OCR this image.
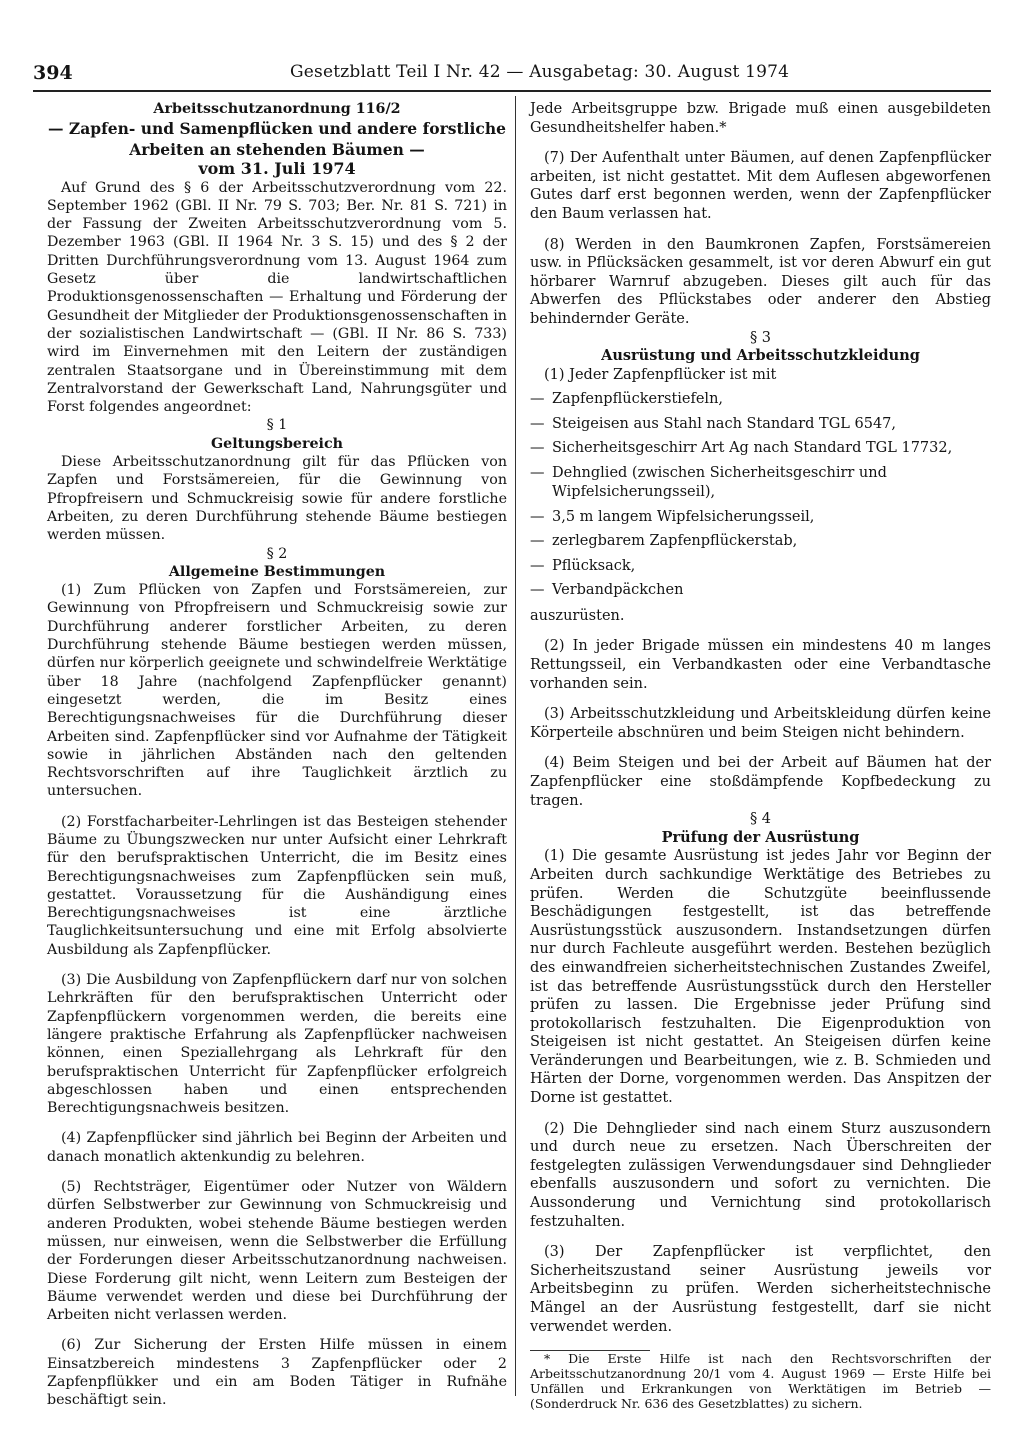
394	Gesetzblatt Teil I Nr. 42 — Ausgabetag: 30. August 1974

Arbeitsschutzanordnung 116/2

— Zapfen- und Samenpflücken und andere forstliche Arbeiten an stehenden Bäumen —

vom 31. Juli 1974

Auf Grund des § 6 der Arbeitsschutzverordnung vom 22. September 1962 (GBl. II Nr. 79 S. 703; Ber. Nr. 81 S. 721) in der Fassung der Zweiten Arbeitsschutzverordnung vom 5. Dezember 1963 (GBl. II 1964 Nr. 3 S. 15) und des § 2 der Dritten Durchführungsverordnung vom 13. August 1964 zum Gesetz über die landwirtschaftlichen Produktionsgenossenschaften — Erhaltung und Förderung der Gesundheit der Mitglieder der Produktionsgenossenschaften in der sozialistischen Landwirtschaft — (GBl. II Nr. 86 S. 733) wird im Einvernehmen mit den Leitern der zuständigen zentralen Staatsorgane und in Übereinstimmung mit dem Zentralvorstand der Gewerkschaft Land, Nahrungsgüter und Forst folgendes angeordnet:

§ 1

Geltungsbereich

Diese Arbeitsschutzanordnung gilt für das Pflücken von Zapfen und Forstsämereien, für die Gewinnung von Pfropfreisern und Schmuckreisig sowie für andere forstliche Arbeiten, zu deren Durchführung stehende Bäume bestiegen werden müssen.

§ 2

Allgemeine Bestimmungen

(1) Zum Pflücken von Zapfen und Forstsämereien, zur Gewinnung von Pfropfreisern und Schmuckreisig sowie zur Durchführung anderer forstlicher Arbeiten, zu deren Durchführung stehende Bäume bestiegen werden müssen, dürfen nur körperlich geeignete und schwindelfreie Werktätige über 18 Jahre (nachfolgend Zapfenpflücker genannt) eingesetzt werden, die im Besitz eines Berechtigungsnachweises für die Durchführung dieser Arbeiten sind. Zapfenpflücker sind vor Aufnahme der Tätigkeit sowie in jährlichen Abständen nach den geltenden Rechtsvorschriften auf ihre Tauglichkeit ärztlich zu untersuchen.

(2) Forstfacharbeiter-Lehrlingen ist das Besteigen stehender Bäume zu Übungszwecken nur unter Aufsicht einer Lehrkraft für den berufspraktischen Unterricht, die im Besitz eines Berechtigungsnachweises zum Zapfenpflücken sein muß, gestattet. Voraussetzung für die Aushändigung eines Berechtigungsnachweises ist eine ärztliche Tauglichkeitsuntersuchung und eine mit Erfolg absolvierte Ausbildung als Zapfenpflücker.

(3) Die Ausbildung von Zapfenpflückern darf nur von solchen Lehrkräften für den berufspraktischen Unterricht oder Zapfenpflückern vorgenommen werden, die bereits eine längere praktische Erfahrung als Zapfenpflücker nachweisen können, einen Speziallehrgang als Lehrkraft für den berufspraktischen Unterricht für Zapfenpflücker erfolgreich abgeschlossen haben und einen entsprechenden Berechtigungsnachweis besitzen.

(4) Zapfenpflücker sind jährlich bei Beginn der Arbeiten und danach monatlich aktenkundig zu belehren.

(5) Rechtsträger, Eigentümer oder Nutzer von Wäldern dürfen Selbstwerber zur Gewinnung von Schmuckreisig und anderen Produkten, wobei stehende Bäume bestiegen werden müssen, nur einweisen, wenn die Selbstwerber die Erfüllung der Forderungen dieser Arbeitsschutzanordnung nachweisen. Diese Forderung gilt nicht, wenn Leitern zum Besteigen der Bäume verwendet werden und diese bei Durchführung der Arbeiten nicht verlassen werden.

(6) Zur Sicherung der Ersten Hilfe müssen in einem Einsatzbereich mindestens 3 Zapfenpflücker oder 2 Zapfenpflükker und ein am Boden Tätiger in Rufnähe beschäftigt sein.

Jede Arbeitsgruppe bzw. Brigade muß einen ausgebildeten Gesundheitshelfer haben.*

(7) Der Aufenthalt unter Bäumen, auf denen Zapfenpflücker arbeiten, ist nicht gestattet. Mit dem Auflesen abgeworfenen Gutes darf erst begonnen werden, wenn der Zapfenpflücker den Baum verlassen hat.

(8) Werden in den Baumkronen Zapfen, Forstsämereien usw. in Pflücksäcken gesammelt, ist vor deren Abwurf ein gut hörbarer Warnruf abzugeben. Dieses gilt auch für das Abwerfen des Pflückstabes oder anderer den Abstieg behindernder Geräte.

§ 3

Ausrüstung und Arbeitsschutzkleidung

(1) Jeder Zapfenpflücker ist mit

— Zapfenpflückerstiefeln,
— Steigeisen aus Stahl nach Standard TGL 6547,
— Sicherheitsgeschirr Art Ag nach Standard TGL 17732,
— Dehnglied (zwischen Sicherheitsgeschirr und Wipfelsicherungsseil),
— 3,5 m langem Wipfelsicherungsseil,
— zerlegbarem Zapfenpflückerstab,
— Pflücksack,
— Verbandpäckchen

auszurüsten.

(2) In jeder Brigade müssen ein mindestens 40 m langes Rettungsseil, ein Verbandkasten oder eine Verbandtasche vorhanden sein.

(3) Arbeitsschutzkleidung und Arbeitskleidung dürfen keine Körperteile abschnüren und beim Steigen nicht behindern.

(4) Beim Steigen und bei der Arbeit auf Bäumen hat der Zapfenpflücker eine stoßdämpfende Kopfbedeckung zu tragen.

§ 4

Prüfung der Ausrüstung

(1) Die gesamte Ausrüstung ist jedes Jahr vor Beginn der Arbeiten durch sachkundige Werktätige des Betriebes zu prüfen. Werden die Schutzgüte beeinflussende Beschädigungen festgestellt, ist das betreffende Ausrüstungsstück auszusondern. Instandsetzungen dürfen nur durch Fachleute ausgeführt werden. Bestehen bezüglich des einwandfreien sicherheitstechnischen Zustandes Zweifel, ist das betreffende Ausrüstungsstück durch den Hersteller prüfen zu lassen. Die Ergebnisse jeder Prüfung sind protokollarisch festzuhalten. Die Eigenproduktion von Steigeisen ist nicht gestattet. An Steigeisen dürfen keine Veränderungen und Bearbeitungen, wie z. B. Schmieden und Härten der Dorne, vorgenommen werden. Das Anspitzen der Dorne ist gestattet.

(2) Die Dehnglieder sind nach einem Sturz auszusondern und durch neue zu ersetzen. Nach Überschreiten der festgelegten zulässigen Verwendungsdauer sind Dehnglieder ebenfalls auszusondern und sofort zu vernichten. Die Aussonderung und Vernichtung sind protokollarisch festzuhalten.

(3) Der Zapfenpflücker ist verpflichtet, den Sicherheitszustand seiner Ausrüstung jeweils vor Arbeitsbeginn zu prüfen. Werden sicherheitstechnische Mängel an der Ausrüstung festgestellt, darf sie nicht verwendet werden.

* Die Erste Hilfe ist nach den Rechtsvorschriften der Arbeitsschutzanordnung 20/1 vom 4. August 1969 — Erste Hilfe bei Unfällen und Erkrankungen von Werktätigen im Betrieb — (Sonderdruck Nr. 636 des Gesetzblattes) zu sichern.
